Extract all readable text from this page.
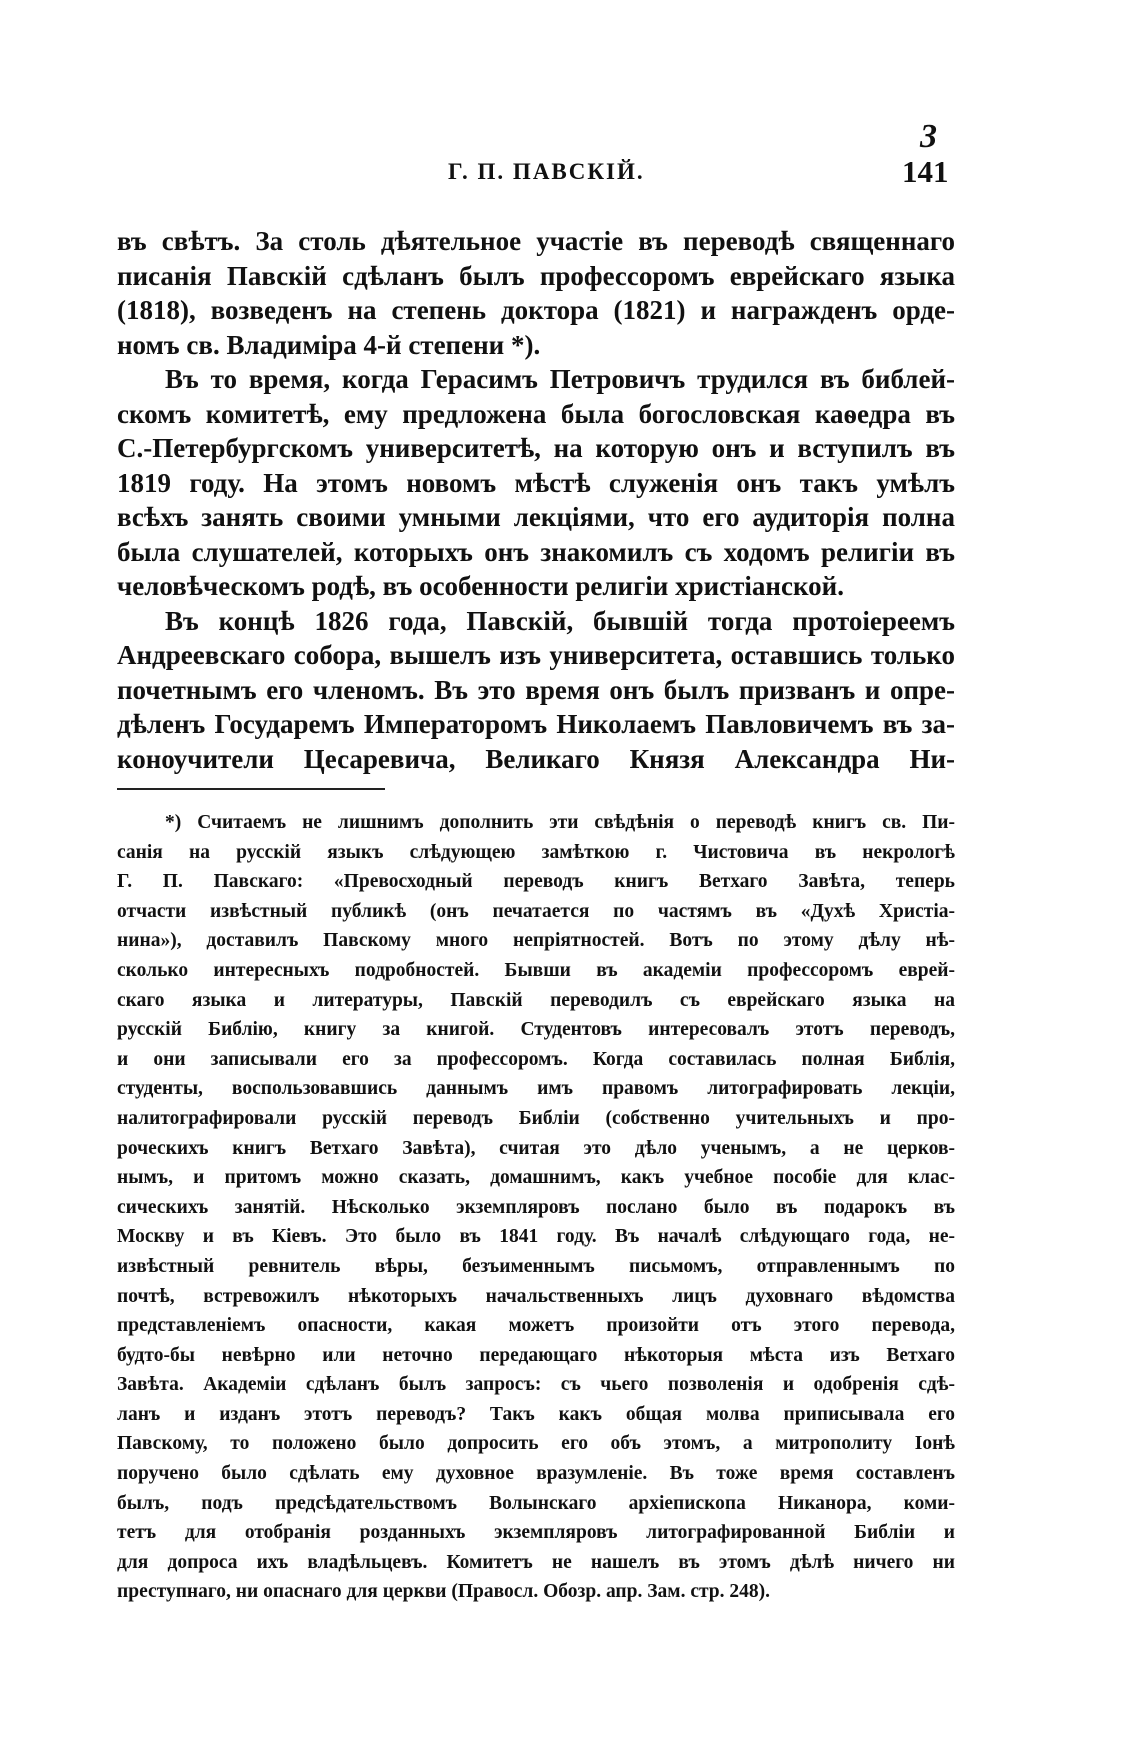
3
Г. П. ПАВСКІЙ.	141

въ свѣтъ. За столь дѣятельное участіе въ переводѣ священнаго

писанія Павскій сдѣланъ былъ профессоромъ еврейскаго языка

(1818), возведенъ на степень доктора (1821) и награжденъ орде-

номъ св. Владиміра 4-й степени *).

Въ то время, когда Герасимъ Петровичъ трудился въ библей-

скомъ комитетѣ, ему предложена была богословская каѳедра въ

С.-Петербургскомъ университетѣ, на которую онъ и вступилъ въ

1819 году. На этомъ новомъ мѣстѣ служенія онъ такъ умѣлъ

всѣхъ занять своими умными лекціями, что его аудиторія полна

была слушателей, которыхъ онъ знакомилъ съ ходомъ религіи въ

человѣческомъ родѣ, въ особенности религіи христіанской.

Въ концѣ 1826 года, Павскій, бывшій тогда протоіереемъ

Андреевскаго собора, вышелъ изъ университета, оставшись только

почетнымъ его членомъ. Въ это время онъ былъ призванъ и опре-

дѣленъ Государемъ Императоромъ Николаемъ Павловичемъ въ за-

коноучители Цесаревича, Великаго Князя Александра Ни-

*) Считаемъ не лишнимъ дополнить эти свѣдѣнія о переводѣ книгъ св. Пи-

санія на русскій языкъ слѣдующею замѣткою г. Чистовича въ некрологѣ

Г. П. Павскаго: «Превосходный переводъ книгъ Ветхаго Завѣта, теперь

отчасти извѣстный публикѣ (онъ печатается по частямъ въ «Духѣ Христіа-

нина»), доставилъ Павскому много непріятностей. Вотъ по этому дѣлу нѣ-

сколько интересныхъ подробностей. Бывши въ академіи профессоромъ еврей-

скаго языка и литературы, Павскій переводилъ съ еврейскаго языка на

русскій Библію, книгу за книгой. Студентовъ интересовалъ этотъ переводъ,

и они записывали его за профессоромъ. Когда составилась полная Библія,

студенты, воспользовавшись даннымъ имъ правомъ литографировать лекціи,

налитографировали русскій переводъ Библіи (собственно учительныхъ и про-

роческихъ книгъ Ветхаго Завѣта), считая это дѣло ученымъ, а не церков-

нымъ, и притомъ можно сказать, домашнимъ, какъ учебное пособіе для клас-

сическихъ занятій. Нѣсколько экземпляровъ послано было въ подарокъ въ

Москву и въ Кіевъ. Это было въ 1841 году. Въ началѣ слѣдующаго года, не-

извѣстный ревнитель вѣры, безъименнымъ письмомъ, отправленнымъ по

почтѣ, встревожилъ нѣкоторыхъ начальственныхъ лицъ духовнаго вѣдомства

представленіемъ опасности, какая можетъ произойти отъ этого перевода,

будто-бы невѣрно или неточно передающаго нѣкоторыя мѣста изъ Ветхаго

Завѣта. Академіи сдѣланъ былъ запросъ: съ чьего позволенія и одобренія сдѣ-

ланъ и изданъ этотъ переводъ? Такъ какъ общая молва приписывала его

Павскому, то положено было допросить его объ этомъ, а митрополиту Іонѣ

поручено было сдѣлать ему духовное вразумленіе. Въ тоже время составленъ

былъ, подъ предсѣдательствомъ Волынскаго архіепископа Никанора, коми-

тетъ для отобранія розданныхъ экземпляровъ литографированной Библіи и

для допроса ихъ владѣльцевъ. Комитетъ не нашелъ въ этомъ дѣлѣ ничего ни

преступнаго, ни опаснаго для церкви (Правосл. Обозр. апр. Зам. стр. 248).
